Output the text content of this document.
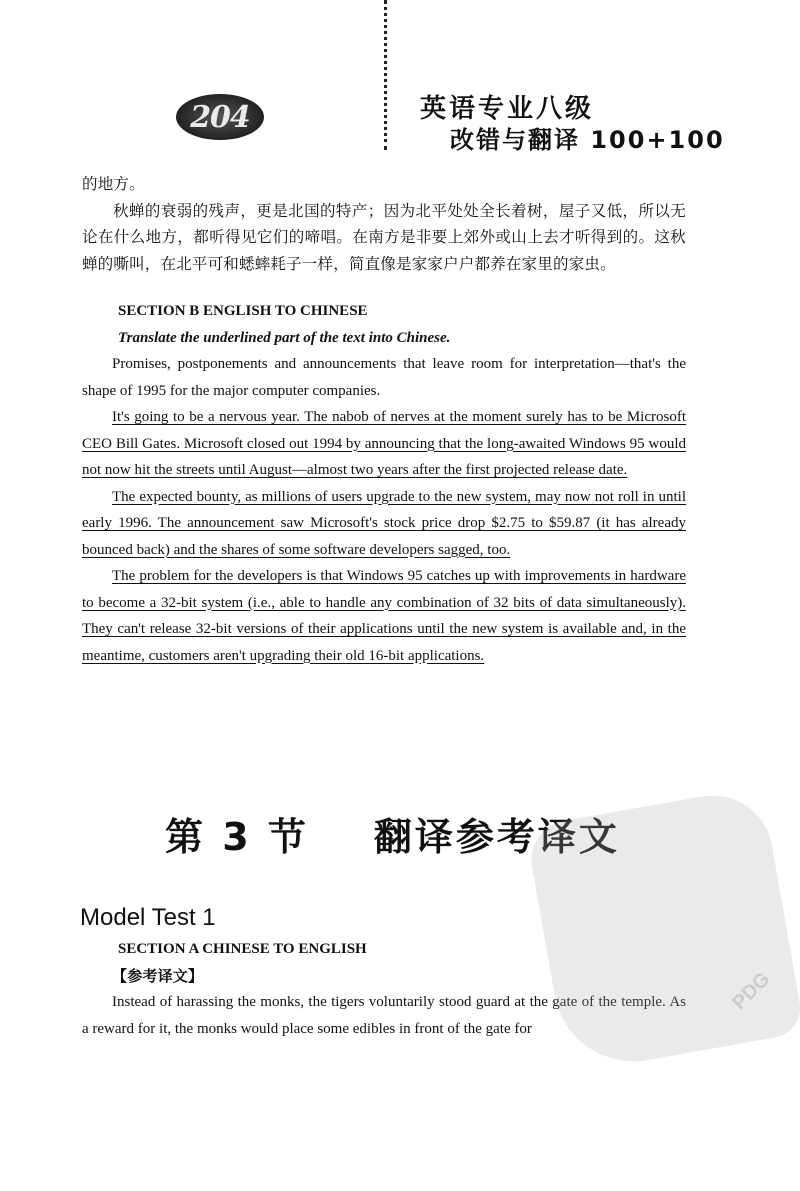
204	英语专业八级
改错与翻译 100+100

的地方。

秋蝉的衰弱的残声，更是北国的特产；因为北平处处全长着树，屋子又低，所以无论在什么地方，都听得见它们的啼唱。在南方是非要上郊外或山上去才听得到的。这秋蝉的嘶叫，在北平可和蟋蟀耗子一样，简直像是家家户户都养在家里的家虫。

SECTION B ENGLISH TO CHINESE

Translate the underlined part of the text into Chinese.

Promises, postponements and announcements that leave room for interpretation—that's the shape of 1995 for the major computer companies.

It's going to be a nervous year. The nabob of nerves at the moment surely has to be Microsoft CEO Bill Gates. Microsoft closed out 1994 by announcing that the long-awaited Windows 95 would not now hit the streets until August—almost two years after the first projected release date.

The expected bounty, as millions of users upgrade to the new system, may now not roll in until early 1996. The announcement saw Microsoft's stock price drop $2.75 to $59.87 (it has already bounced back) and the shares of some software developers sagged, too.

The problem for the developers is that Windows 95 catches up with improvements in hardware to become a 32-bit system (i.e., able to handle any combination of 32 bits of data simultaneously). They can't release 32-bit versions of their applications until the new system is available and, in the meantime, customers aren't upgrading their old 16-bit applications.

第 3 节    翻译参考译文
Model Test 1

SECTION A CHINESE TO ENGLISH

【参考译文】

Instead of harassing the monks, the tigers voluntarily stood guard at the gate of the temple. As a reward for it, the monks would place some edibles in front of the gate for

PDG
